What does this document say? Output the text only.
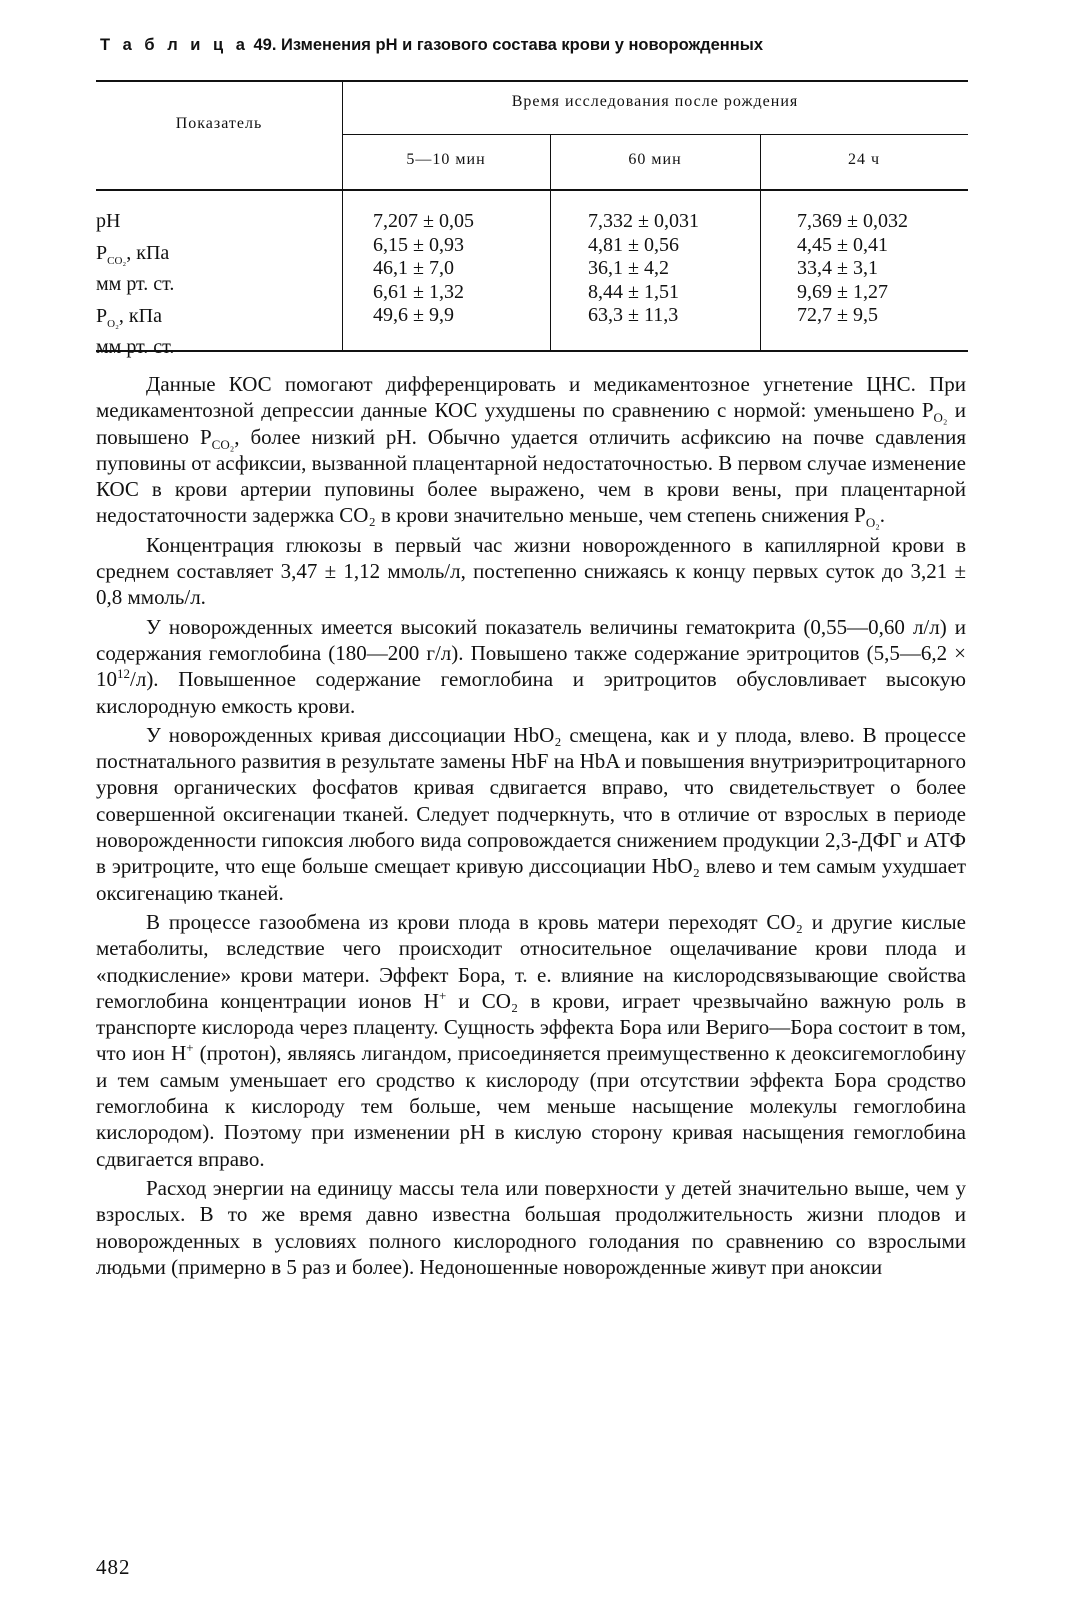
Т а б л и ц а 49. Изменения pH и газового состава крови у новорожденных
Показатель
Время исследования после рождения
5—10 мин	60 мин	24 ч
pH
$P_{CO_2}$, кПа
мм рт. ст.
$P_{O_2}$, кПа
мм рт. ст.
7,207 ± 0,05
6,15 ± 0,93
46,1 ± 7,0
6,61 ± 1,32
49,6 ± 9,9
7,332 ± 0,031
4,81 ± 0,56
36,1 ± 4,2
8,44 ± 1,51
63,3 ± 11,3
7,369 ± 0,032
4,45 ± 0,41
33,4 ± 3,1
9,69 ± 1,27
72,7 ± 9,5

Данные КОС помогают дифференцировать и медикаментозное угнетение ЦНС. При медикаментозной депрессии данные КОС ухудшены по сравнению с нормой: уменьшено $P_{O_2}$ и повышено $P_{CO_2}$, более низкий pH. Обычно удается отличить асфиксию на почве сдавления пуповины от асфиксии, вызванной плацентарной недостаточностью. В первом случае изменение КОС в крови артерии пуповины более выражено, чем в крови вены, при плацентарной недостаточности задержка CO₂ в крови значительно меньше, чем степень снижения $P_{O_2}$.

Концентрация глюкозы в первый час жизни новорожденного в капиллярной крови в среднем составляет 3,47 ± 1,12 ммоль/л, постепенно снижаясь к концу первых суток до 3,21 ± 0,8 ммоль/л.

У новорожденных имеется высокий показатель величины гематокрита (0,55—0,60 л/л) и содержания гемоглобина (180—200 г/л). Повышено также содержание эритроцитов (5,5—6,2 × $10^{12}/л$). Повышенное содержание гемоглобина и эритроцитов обусловливает высокую кислородную емкость крови.

У новорожденных кривая диссоциации HbO₂ смещена, как и у плода, влево. В процессе постнатального развития в результате замены HbF на HbA и повышения внутриэритроцитарного уровня органических фосфатов кривая сдвигается вправо, что свидетельствует о более совершенной оксигенации тканей. Следует подчеркнуть, что в отличие от взрослых в периоде новорожденности гипоксия любого вида сопровождается снижением продукции 2,3-ДФГ и АТФ в эритроците, что еще больше смещает кривую диссоциации HbO₂ влево и тем самым ухудшает оксигенацию тканей.

В процессе газообмена из крови плода в кровь матери переходят CO₂ и другие кислые метаболиты, вследствие чего происходит относительное ощелачивание крови плода и «подкисление» крови матери. Эффект Бора, т. е. влияние на кислородсвязывающие свойства гемоглобина концентрации ионов H+ и CO₂ в крови, играет чрезвычайно важную роль в транспорте кислорода через плаценту. Сущность эффекта Бора или Вериго—Бора состоит в том, что ион H+ (протон), являясь лигандом, присоединяется преимущественно к деоксигемоглобину и тем самым уменьшает его сродство к кислороду (при отсутствии эффекта Бора сродство гемоглобина к кислороду тем больше, чем меньше насыщение молекулы гемоглобина кислородом). Поэтому при изменении pH в кислую сторону кривая насыщения гемоглобина сдвигается вправо.

Расход энергии на единицу массы тела или поверхности у детей значительно выше, чем у взрослых. В то же время давно известна большая продолжительность жизни плодов и новорожденных в условиях полного кислородного голодания по сравнению со взрослыми людьми (примерно в 5 раз и более). Недоношенные новорожденные живут при аноксии

482
